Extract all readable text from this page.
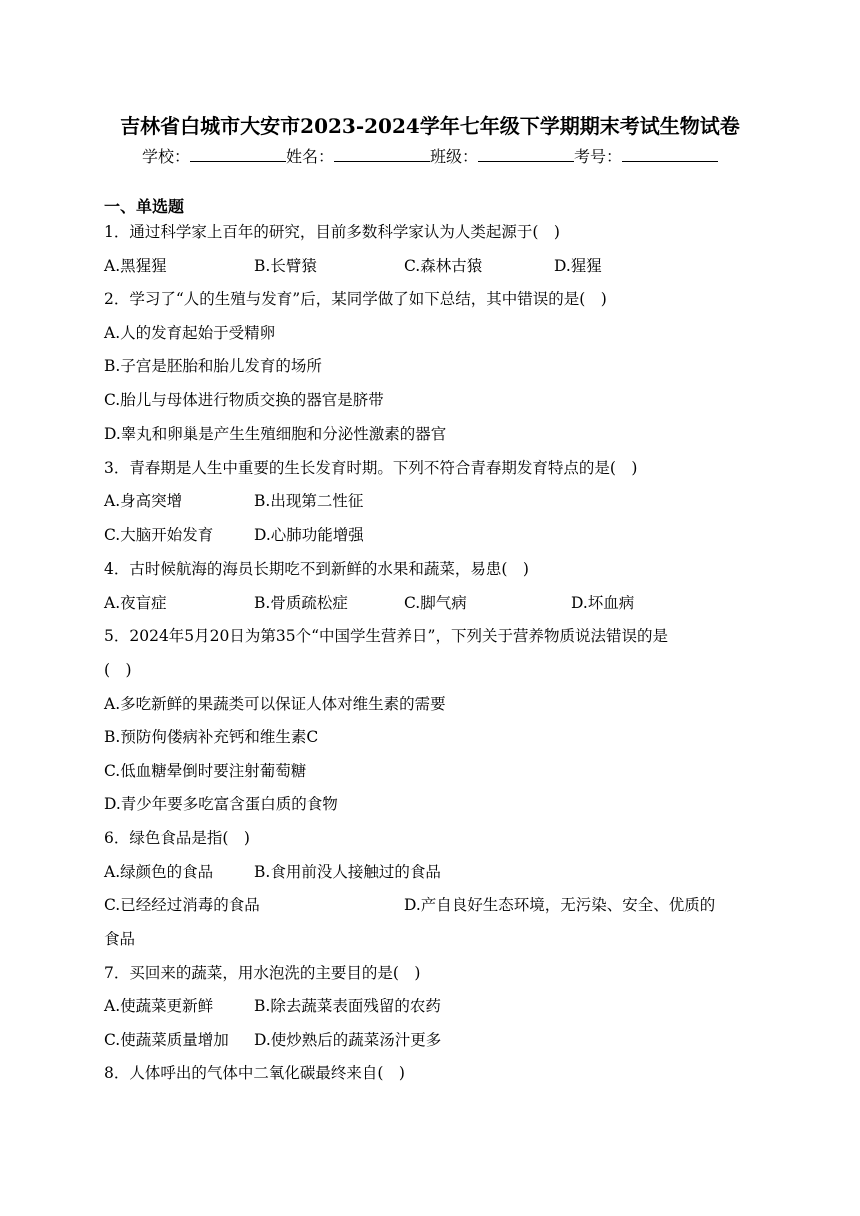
吉林省白城市大安市2023-2024学年七年级下学期期末考试生物试卷
学校：	姓名：	班级：	考号：
一、单选题
1．通过科学家上百年的研究，目前多数科学家认为人类起源于(　)
A.黑猩猩	B.长臂猿	C.森林古猿	D.猩猩
2．学习了“人的生殖与发育”后，某同学做了如下总结，其中错误的是(　)
A.人的发育起始于受精卵
B.子宫是胚胎和胎儿发育的场所
C.胎儿与母体进行物质交换的器官是脐带
D.睾丸和卵巢是产生生殖细胞和分泌性激素的器官
3．青春期是人生中重要的生长发育时期。下列不符合青春期发育特点的是(　)
A.身高突增	B.出现第二性征
C.大脑开始发育	D.心肺功能增强
4．古时候航海的海员长期吃不到新鲜的水果和蔬菜，易患(　)
A.夜盲症	B.骨质疏松症	C.脚气病	D.坏血病
5．2024年5月20日为第35个“中国学生营养日”，下列关于营养物质说法错误的是
(　)
A.多吃新鲜的果蔬类可以保证人体对维生素的需要
B.预防佝偻病补充钙和维生素C
C.低血糖晕倒时要注射葡萄糖
D.青少年要多吃富含蛋白质的食物
6．绿色食品是指(　)
A.绿颜色的食品	B.食用前没人接触过的食品
C.已经经过消毒的食品	D.产自良好生态环境，无污染、安全、优质的
食品
7．买回来的蔬菜，用水泡洗的主要目的是(　)
A.使蔬菜更新鲜	B.除去蔬菜表面残留的农药
C.使蔬菜质量增加 D.使炒熟后的蔬菜汤汁更多
8．人体呼出的气体中二氧化碳最终来自(　)
